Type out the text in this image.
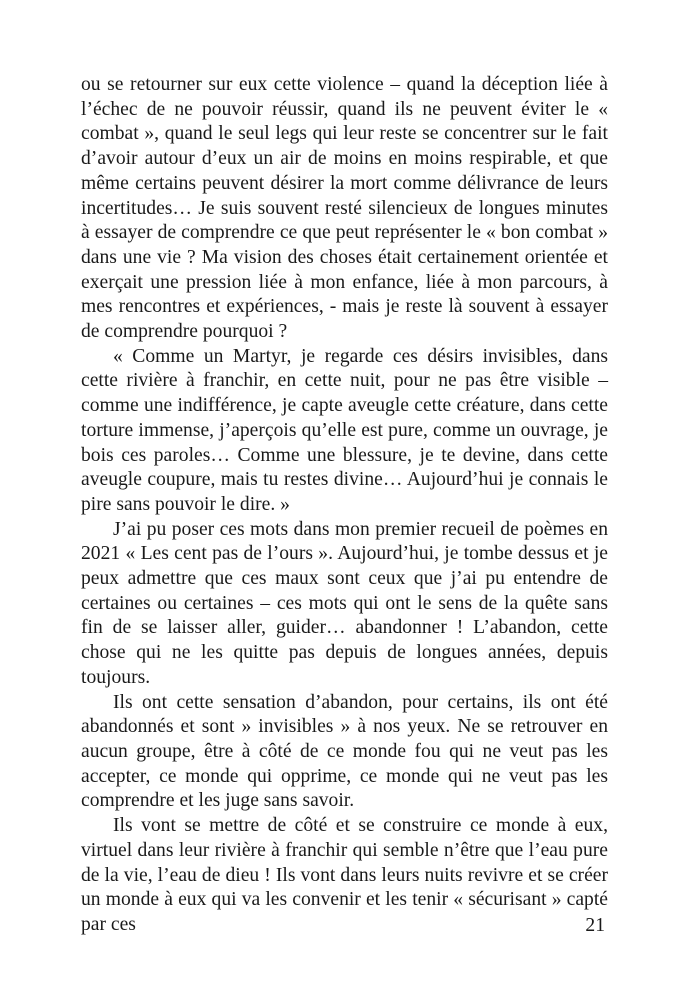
ou se retourner sur eux cette violence – quand la déception liée à l’échec de ne pouvoir réussir, quand ils ne peuvent éviter le « combat », quand le seul legs qui leur reste se concentrer sur le fait d’avoir autour d’eux un air de moins en moins respirable, et que même certains peuvent désirer la mort comme délivrance de leurs incertitudes… Je suis souvent resté silencieux de longues minutes à essayer de comprendre ce que peut représenter le « bon combat » dans une vie ? Ma vision des choses était certainement orientée et exerçait une pression liée à mon enfance, liée à mon parcours, à mes rencontres et expériences, - mais je reste là souvent à essayer de comprendre pourquoi ?

« Comme un Martyr, je regarde ces désirs invisibles, dans cette rivière à franchir, en cette nuit, pour ne pas être visible – comme une indifférence, je capte aveugle cette créature, dans cette torture immense, j’aperçois qu’elle est pure, comme un ouvrage, je bois ces paroles… Comme une blessure, je te devine, dans cette aveugle coupure, mais tu restes divine… Aujourd’hui je connais le pire sans pouvoir le dire. »

J’ai pu poser ces mots dans mon premier recueil de poèmes en 2021 « Les cent pas de l’ours ». Aujourd’hui, je tombe dessus et je peux admettre que ces maux sont ceux que j’ai pu entendre de certaines ou certaines – ces mots qui ont le sens de la quête sans fin de se laisser aller, guider… abandonner ! L’abandon, cette chose qui ne les quitte pas depuis de longues années, depuis toujours.

Ils ont cette sensation d’abandon, pour certains, ils ont été abandonnés et sont » invisibles » à nos yeux. Ne se retrouver en aucun groupe, être à côté de ce monde fou qui ne veut pas les accepter, ce monde qui opprime, ce monde qui ne veut pas les comprendre et les juge sans savoir.

Ils vont se mettre de côté et se construire ce monde à eux, virtuel dans leur rivière à franchir qui semble n’être que l’eau pure de la vie, l’eau de dieu ! Ils vont dans leurs nuits revivre et se créer un monde à eux qui va les convenir et les tenir « sécurisant » capté par ces	21
